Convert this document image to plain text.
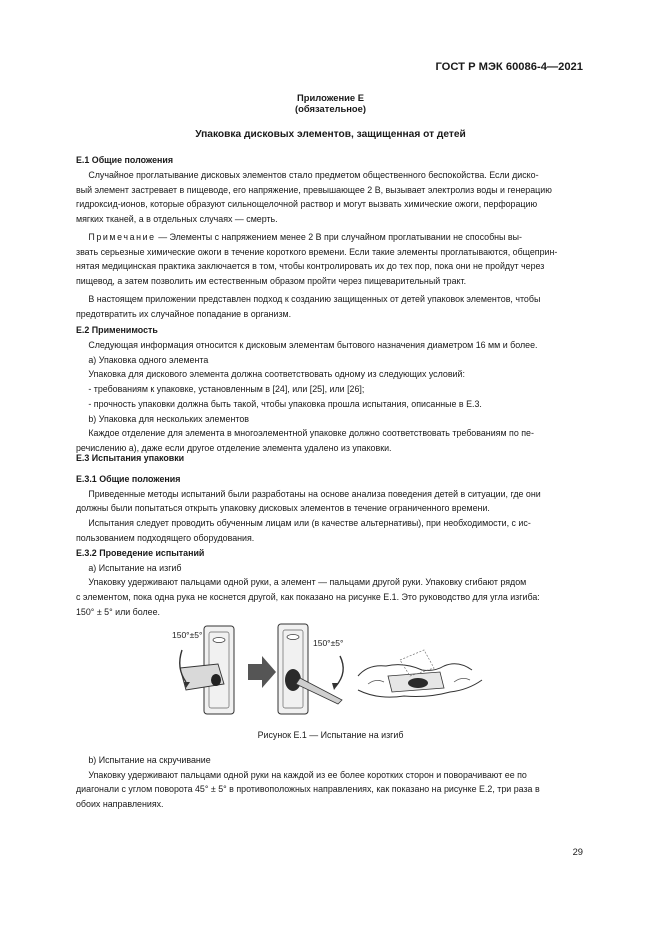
ГОСТ Р МЭК 60086-4—2021
Приложение Е
(обязательное)
Упаковка дисковых элементов, защищенная от детей
Е.1 Общие положения
Случайное проглатывание дисковых элементов стало предметом общественного беспокойства. Если диско-
вый элемент застревает в пищеводе, его напряжение, превышающее 2 В, вызывает электролиз воды и генерацию
гидроксид-ионов, которые образуют сильнощелочной раствор и могут вызвать химические ожоги, перфорацию
мягких тканей, а в отдельных случаях — смерть.
Примечание — Элементы с напряжением менее 2 В при случайном проглатывании не способны вы-
звать серьезные химические ожоги в течение короткого времени. Если такие элементы проглатываются, общеприн-
нятая медицинская практика заключается в том, чтобы контролировать их до тех пор, пока они не пройдут через
пищевод, а затем позволить им естественным образом пройти через пищеварительный тракт.
В настоящем приложении представлен подход к созданию защищенных от детей упаковок элементов, чтобы
предотвратить их случайное попадание в организм.
Е.2 Применимость
Следующая информация относится к дисковым элементам бытового назначения диаметром 16 мм и более.
а) Упаковка одного элемента
Упаковка для дискового элемента должна соответствовать одному из следующих условий:
- требованиям к упаковке, установленным в [24], или [25], или [26];
- прочность упаковки должна быть такой, чтобы упаковка прошла испытания, описанные в Е.3.
b) Упаковка для нескольких элементов
Каждое отделение для элемента в многоэлементной упаковке должно соответствовать требованиям по пе-
речислению а), даже если другое отделение элемента удалено из упаковки.
Е.3 Испытания упаковки
Е.3.1 Общие положения
Приведенные методы испытаний были разработаны на основе анализа поведения детей в ситуации, где они
должны были попытаться открыть упаковку дисковых элементов в течение ограниченного времени.
Испытания следует проводить обученным лицам или (в качестве альтернативы), при необходимости, с ис-
пользованием подходящего оборудования.
Е.3.2 Проведение испытаний
а) Испытание на изгиб
Упаковку удерживают пальцами одной руки, а элемент — пальцами другой руки. Упаковку сгибают рядом
с элементом, пока одна рука не коснется другой, как показано на рисунке Е.1. Это руководство для угла изгиба:
150° ± 5° или более.
150°±5°
150°±5°
Рисунок Е.1 — Испытание на изгиб
b) Испытание на скручивание
Упаковку удерживают пальцами одной руки на каждой из ее более коротких сторон и поворачивают ее по
диагонали с углом поворота 45° ± 5° в противоположных направлениях, как показано на рисунке Е.2, три раза в
обоих направлениях.
29
